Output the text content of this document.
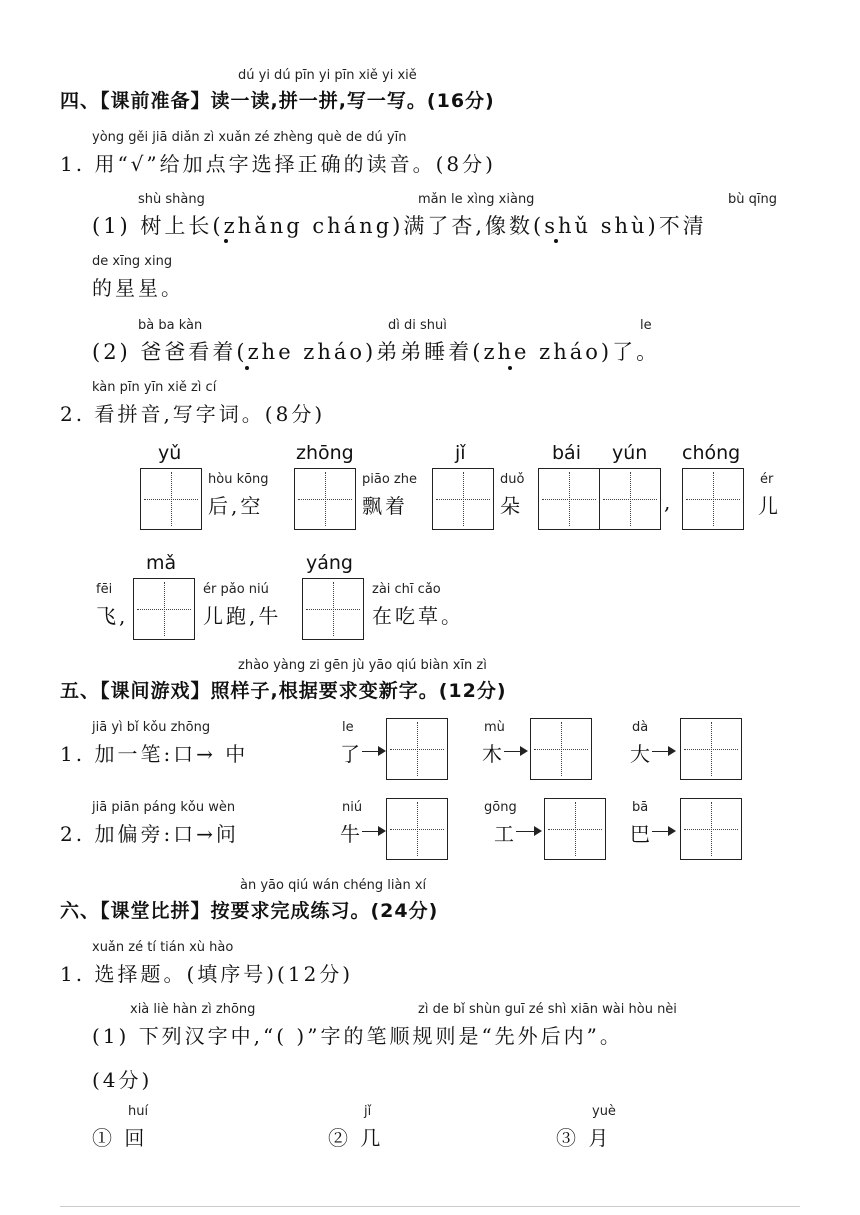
dú yi dú pīn yi pīn xiě yi xiě
四、【课前准备】读一读,拼一拼,写一写。(16分)
yòng gěi jiā diǎn zì xuǎn zé zhèng què de dú yīn
1. 用“√”给加点字选择正确的读音。(8分)
shù shàng	mǎn le xìng xiàng	bù qīng
(1) 树上长(zhǎng cháng)满了杏,像数(shǔ shù)不清
de xīng xing
的星星。
bà ba kàn	dì di shuì	le
(2) 爸爸看着(zhe zháo)弟弟睡着(zhe zháo)了。
kàn pīn yīn xiě zì cí
2. 看拼音,写字词。(8分)
yǔ	zhōng	jǐ	bái yún chóng
hòu kōng
后,空
piāo zhe
飘着
duǒ
朵	,
ér
儿
mǎ	yáng
fēi
飞,
ér pǎo niú
儿跑,牛
zài chī cǎo
在吃草。
zhào yàng zi gēn jù yāo qiú biàn xīn zì
五、【课间游戏】照样子,根据要求变新字。(12分)
jiā yì bǐ kǒu zhōng
1. 加一笔:口→ 中
le
了
mù
木
dà
大
jiā piān páng kǒu wèn
2. 加偏旁:口→问
niú
牛
gōng
工
bā
巴
àn yāo qiú wán chéng liàn xí
六、【课堂比拼】按要求完成练习。(24分)
xuǎn zé tí tián xù hào
1. 选择题。(填序号)(12分)
xià liè hàn zì zhōng	zì de bǐ shùn guī zé shì xiān wài hòu nèi
(1) 下列汉字中,“( )”字的笔顺规则是“先外后内”。
(4分)
huí
① 回
jǐ
② 几
yuè
③ 月
